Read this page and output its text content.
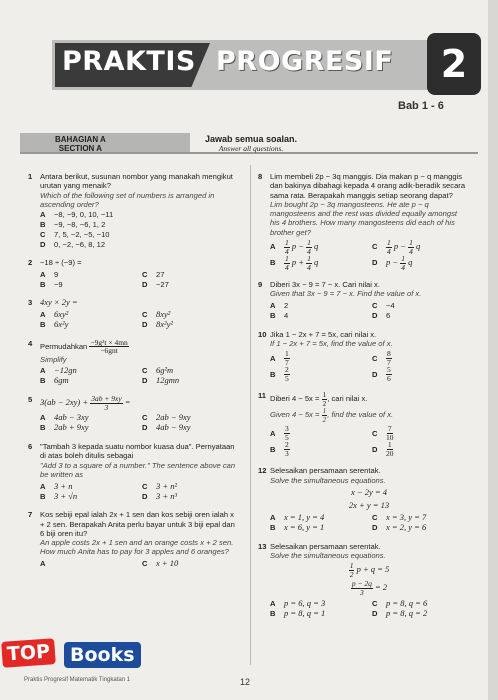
PRAKTIS PROGRESIF	2
Bab 1 - 6
BAHAGIAN A
SECTION A
Jawab semua soalan.
Answer all questions.
1 Antara berikut, susunan nombor yang manakah mengikut urutan yang menaik?
Which of the following set of numbers is arranged in ascending order?
A	−8, −9, 0, 10, −11
B	−9, −8, −6, 1, 2
C	7, 5, −2, −5, −10
D	0, −2, −6, 8, 12
2 −18 ÷ (−9) =
A	9	C	27
B	−9	D	−27
3 4xy × 2y =
A 6xy²	C 8xy²
B 6x²y	D 8x²y²
4 Permudahkan $\frac{\text{−9g²t × 4mn}}{\text{−6gnt}}$
Simplify
A −12gn	C 6g²m
B 6gm	D 12gmn
5 $3(ab - 2xy) + \frac{3ab + 9xy}{3}$ =
A 4ab − 3xy	C 2ab − 9xy
B 2ab + 9xy	D 4ab − 9xy
6 "Tambah 3 kepada suatu nombor kuasa dua". Pernyataan di atas boleh ditulis sebagai
"Add 3 to a square of a number." The sentence above can be written as
A 3 + n	C 3 + n²
B 3 + √n	D 3 + n³
7 Kos sebiji epal ialah 2x + 1 sen dan kos sebiji oren ialah x + 2 sen. Berapakah Anita perlu bayar untuk 3 biji epal dan 6 biji oren itu?
An apple costs 2x + 1 sen and an orange costs x + 2 sen. How much Anita has to pay for 3 apples and 6 oranges?
A	C x + 10
8 Lim membeli 2p − 3q manggis. Dia makan p − q manggis dan bakinya dibahagi kepada 4 orang adik-beradik secara sama rata. Berapakah manggis setiap seorang dapat?
Lim bought 2p − 3q mangosteens. He ate p − q mangosteens and the rest was divided equally amongst his 4 brothers. How many mangosteens did each of his brother get?
A	$\frac{1}{4}$ $p - \frac{1}{4}$ q	C	$\frac{1}{4}$ $p - \frac{1}{4}$ q
B	$\frac{1}{4}$ $p + \frac{1}{4}$ q	D $p - \frac{1}{4}$ q
9 Diberi 3x − 9 = 7 − x. Cari nilai x.
Given that 3x − 9 = 7 − x. Find the value of x.
A	2	C	−4
B	4	D	6
10 Jika 1 − 2x + 7 = 5x, cari nilai x.
If 1 − 2x + 7 = 5x, find the value of x.
A	$\frac{1}{7}$	C	$\frac{8}{7}$
B	$\frac{2}{5}$	D	$\frac{5}{6}$
11 Diberi $4 - 5x = \frac{1}{2}$ , cari nilai x.
Given $4 - 5x = \frac{1}{2}$ , find the value of x.
A	$\frac{3}{5}$	C	$\frac{7}{10}$
B	$\frac{2}{3}$	D	$\frac{1}{20}$
12 Selesaikan persamaan serentak.
Solve the simultaneous equations.
x − 2y = 4
2x + y = 13
A x = 1, y = 4	C x = 3, y = 7
B x = 6, y = 1	D x = 2, y = 6
13 Selesaikan persamaan serentak.
Solve the simultaneous equations.
$\frac{1}{2}$ p + q = 5
$\frac{p - 2q}{3} = 2$
A p = 6, q = 3	C p = 8, q = 6
B p = 8, q = 1	D p = 8, q = 2
Praktis Progresif Matematik Tingkatan 1	12
TOP	Books
